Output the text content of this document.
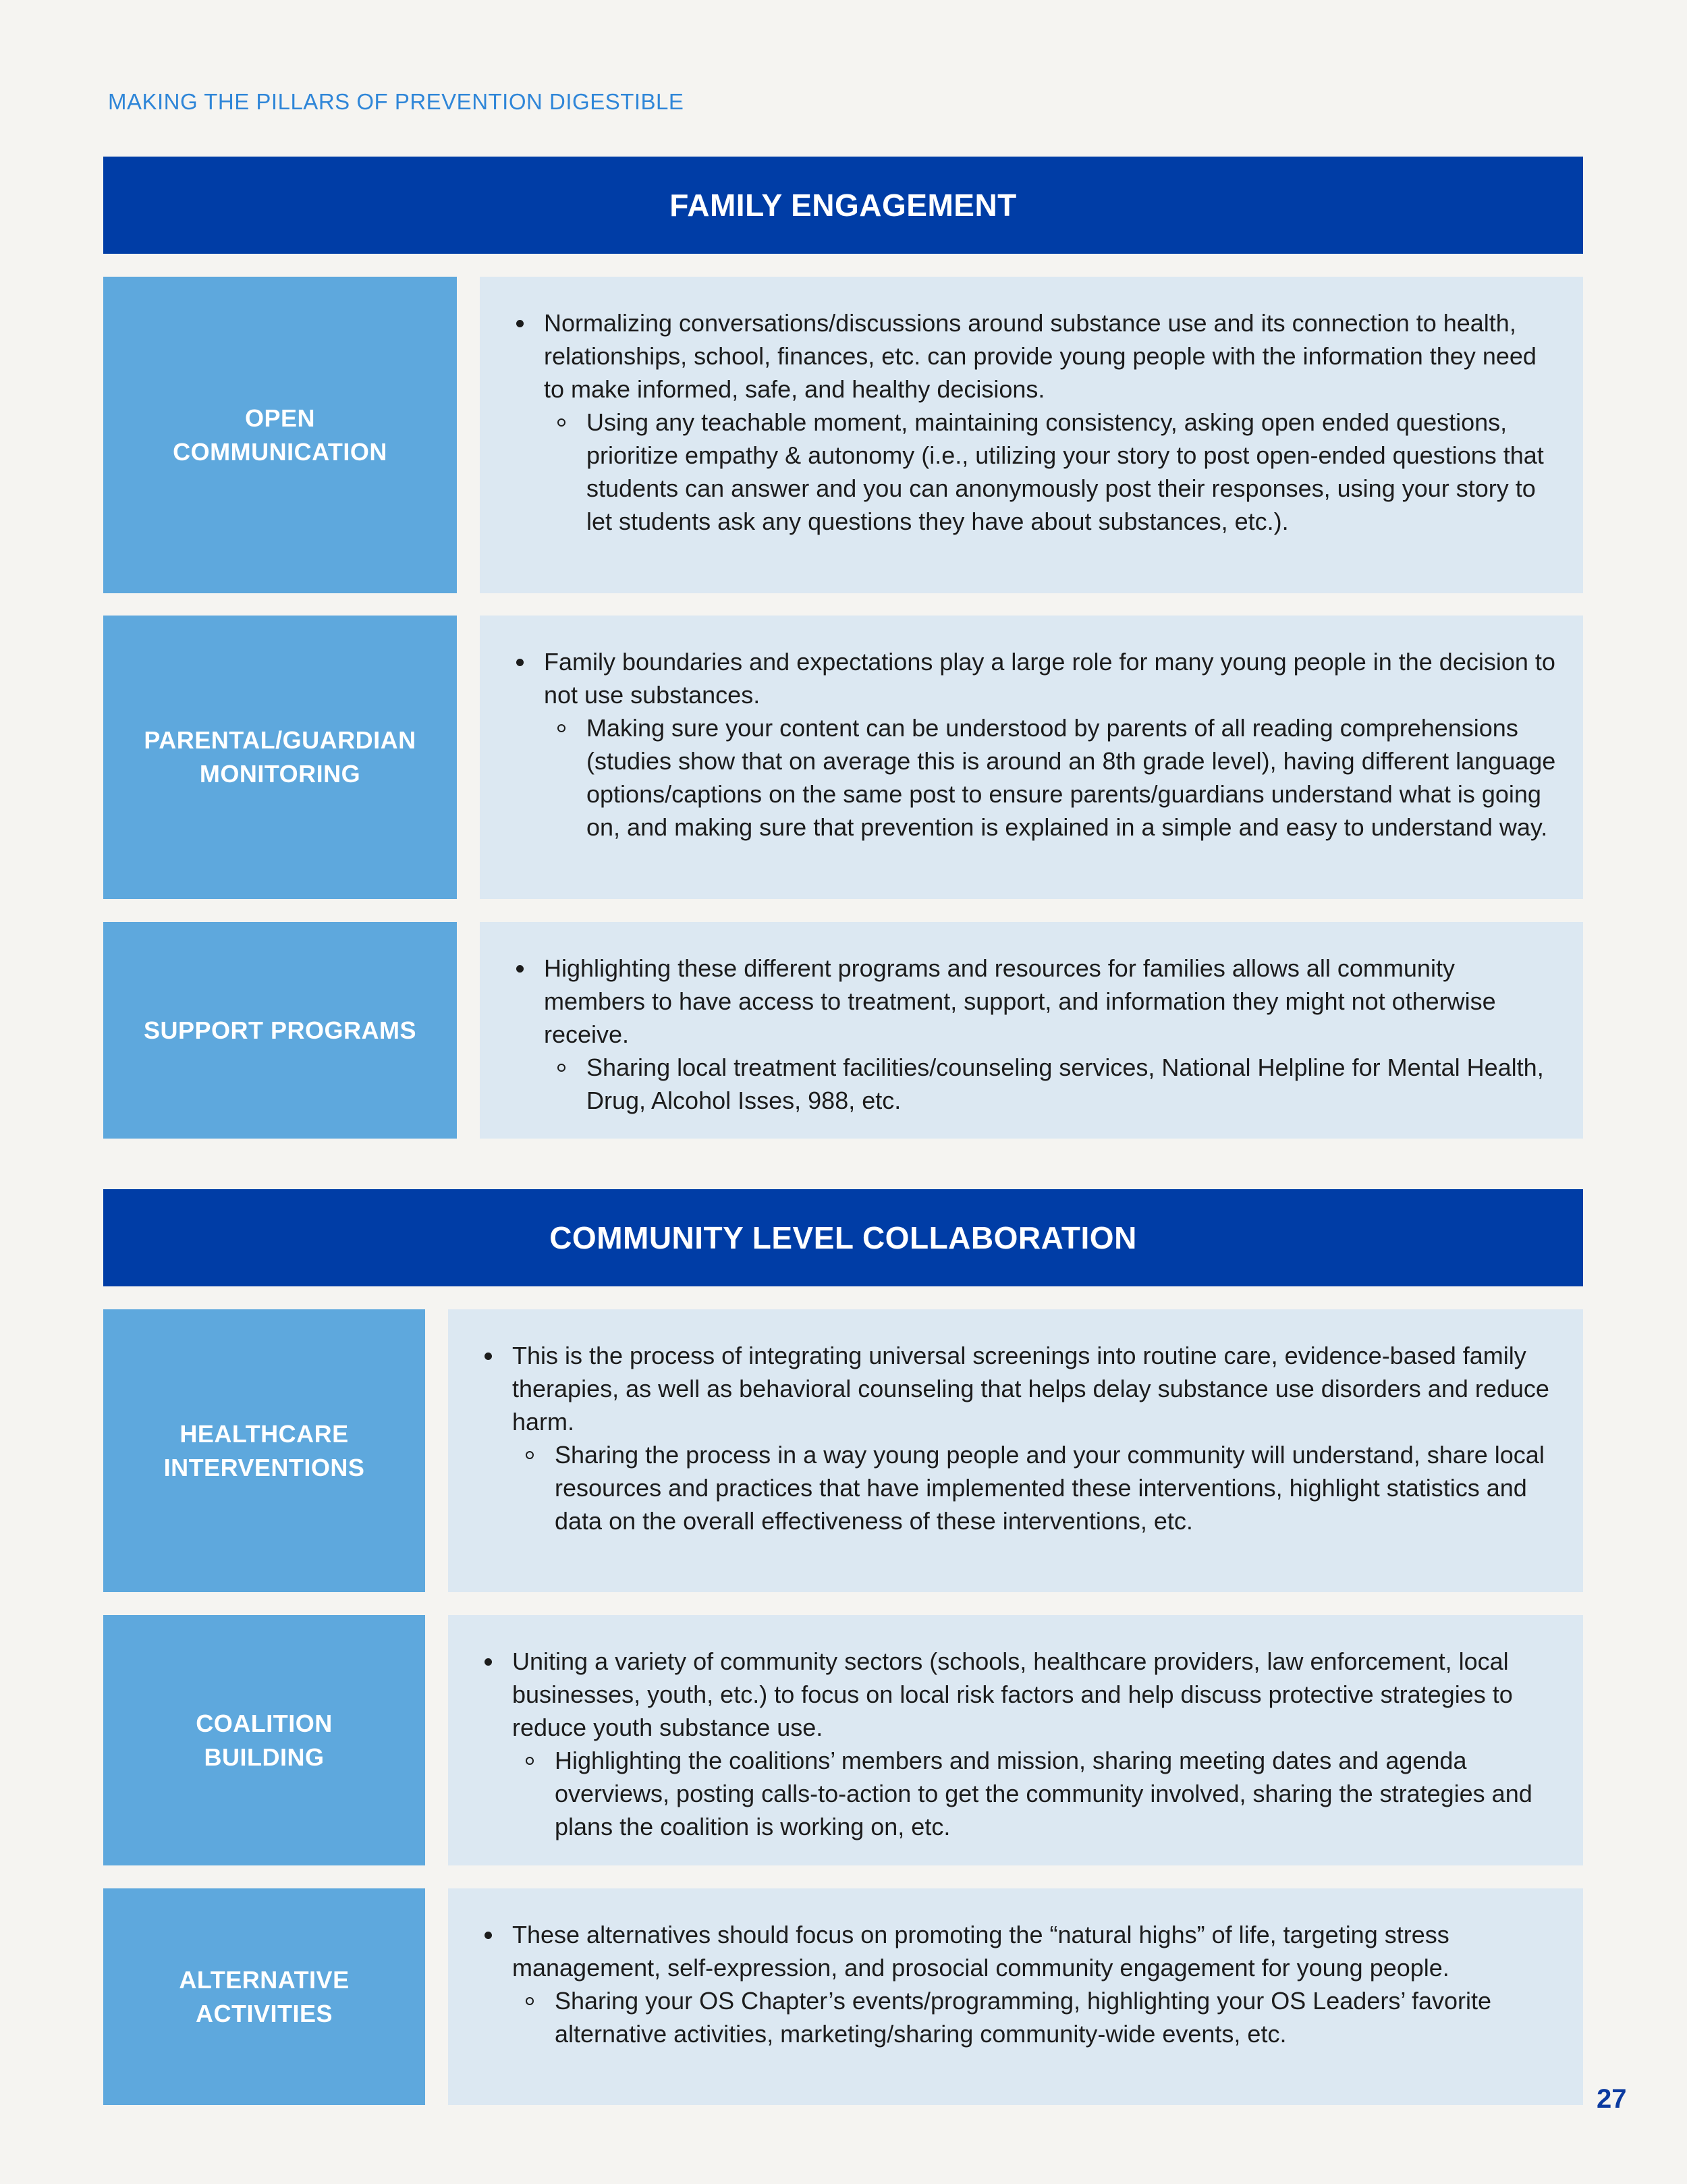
MAKING THE PILLARS OF PREVENTION DIGESTIBLE
FAMILY ENGAGEMENT
OPEN
COMMUNICATION
Normalizing conversations/discussions around substance use and its connection to health, relationships, school, finances, etc. can provide young people with the information they need to make informed, safe, and healthy decisions.
Using any teachable moment, maintaining consistency, asking open ended questions, prioritize empathy & autonomy (i.e., utilizing your story to post open-ended questions that students can answer and you can anonymously post their responses, using your story to let students ask any questions they have about substances, etc.).
PARENTAL/GUARDIAN
MONITORING
Family boundaries and expectations play a large role for many young people in the decision to not use substances.
Making sure your content can be understood by parents of all reading comprehensions (studies show that on average this is around an 8th grade level), having different language options/captions on the same post to ensure parents/guardians understand what is going on, and making sure that prevention is explained in a simple and easy to understand way.
SUPPORT PROGRAMS
Highlighting these different programs and resources for families allows all community members to have access to treatment, support, and information they might not otherwise receive.
Sharing local treatment facilities/counseling services, National Helpline for Mental Health, Drug, Alcohol Isses, 988, etc.
COMMUNITY LEVEL COLLABORATION
HEALTHCARE
INTERVENTIONS
This is the process of integrating universal screenings into routine care, evidence-based family therapies, as well as behavioral counseling that helps delay substance use disorders and reduce harm.
Sharing the process in a way young people and your community will understand, share local resources and practices that have implemented these interventions, highlight statistics and data on the overall effectiveness of these interventions, etc.
COALITION
BUILDING
Uniting a variety of community sectors (schools, healthcare providers, law enforcement, local businesses, youth, etc.) to focus on local risk factors and help discuss protective strategies to reduce youth substance use.
Highlighting the coalitions’ members and mission, sharing meeting dates and agenda overviews, posting calls-to-action to get the community involved, sharing the strategies and plans the coalition is working on, etc.
ALTERNATIVE
ACTIVITIES
These alternatives should focus on promoting the “natural highs” of life, targeting stress management, self-expression, and prosocial community engagement for young people.
Sharing your OS Chapter’s events/programming, highlighting your OS Leaders’ favorite alternative activities, marketing/sharing community-wide events, etc.
27
